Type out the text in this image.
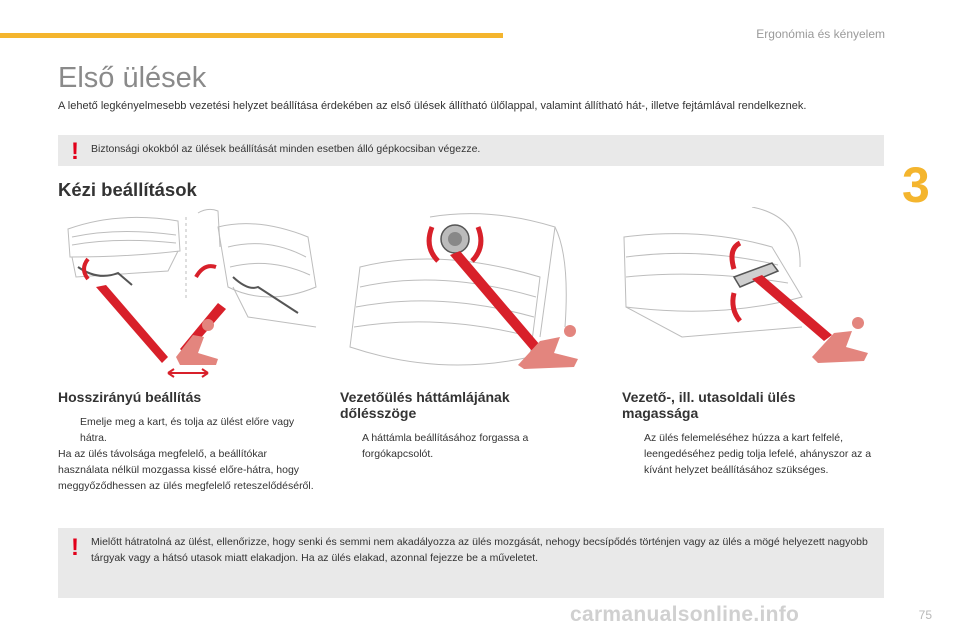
Ergonómia és kényelem
3
Első ülések
A lehető legkényelmesebb vezetési helyzet beállítása érdekében az első ülések állítható ülőlappal, valamint állítható hát-, illetve fejtámlával rendelkeznek.
! Biztonsági okokból az ülések beállítását minden esetben álló gépkocsiban végezze.
Kézi beállítások
Hosszirányú beállítás
Emelje meg a kart, és tolja az ülést előre vagy hátra.
Ha az ülés távolsága megfelelő, a beállítókar használata nélkül mozgassa kissé előre-hátra, hogy meggyőződhessen az ülés megfelelő reteszelődéséről.
Vezetőülés háttámlájának dőlésszöge
A háttámla beállításához forgassa a forgókapcsolót.
Vezető-, ill. utasoldali ülés magassága
Az ülés felemeléséhez húzza a kart felfelé, leengedéséhez pedig tolja lefelé, ahányszor az a kívánt helyzet beállításához szükséges.
! Mielőtt hátratolná az ülést, ellenőrizze, hogy senki és semmi nem akadályozza az ülés mozgását, nehogy becsípődés történjen vagy az ülés a mögé helyezett nagyobb tárgyak vagy a hátsó utasok miatt elakadjon. Ha az ülés elakad, azonnal fejezze be a műveletet.
carmanualsonline.info	75
